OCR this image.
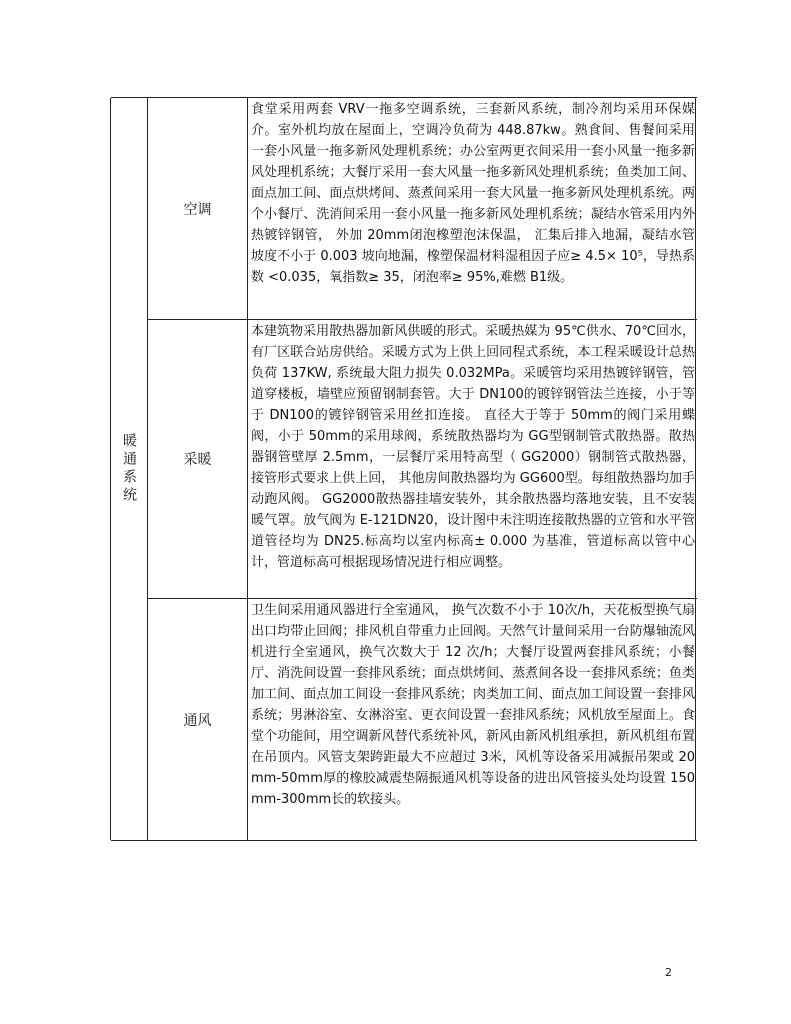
暖通系统
空调

食堂采用两套 VRV一拖多空调系统，三套新风系统，制冷剂均采用环保媒介。室外机均放在屋面上，空调冷负荷为 448.87kw。熟食间、售餐间采用一套小风量一拖多新风处理机系统；办公室两更衣间采用一套小风量一拖多新风处理机系统；大餐厅采用一套大风量一拖多新风处理机系统；鱼类加工间、面点加工间、面点烘烤间、蒸煮间采用一套大风量一拖多新风处理机系统。两个小餐厅、洗消间采用一套小风量一拖多新风处理机系统；凝结水管采用内外热镀锌钢管， 外加 20mm闭泡橡塑泡沫保温， 汇集后排入地漏，凝结水管坡度不小于 0.003 坡向地漏，橡塑保温材料湿租因子应≥ 4.5× 10⁵，导热系数 <0.035，氧指数≥ 35，闭泡率≥ 95%,难燃 B1级。

采暖

本建筑物采用散热器加新风供暖的形式。采暖热媒为 95℃供水、70℃回水，有厂区联合站房供给。采暖方式为上供上回同程式系统，本工程采暖设计总热负荷 137KW, 系统最大阻力损失 0.032MPa。采暖管均采用热镀锌钢管，管道穿楼板，墙壁应预留钢制套管。大于 DN100的镀锌钢管法兰连接，小于等于 DN100的镀锌钢管采用丝扣连接。 直径大于等于 50mm的阀门采用蝶阀，小于 50mm的采用球阀，系统散热器均为 GG型钢制管式散热器。散热器钢管壁厚 2.5mm，一层餐厅采用特高型（ GG2000）钢制管式散热器，接管形式要求上供上回， 其他房间散热器均为 GG600型。每组散热器均加手动跑风阀。 GG2000散热器挂墙安装外，其余散热器均落地安装，且不安装暖气罩。放气阀为 E-121DN20，设计图中未注明连接散热器的立管和水平管道管径均为 DN25.标高均以室内标高± 0.000 为基准，管道标高以管中心计，管道标高可根据现场情况进行相应调整。

通风

卫生间采用通风器进行全室通风， 换气次数不小于 10次/h，天花板型换气扇出口均带止回阀；排风机自带重力止回阀。天然气计量间采用一台防爆轴流风机进行全室通风，换气次数大于 12 次/h；大餐厅设置两套排风系统；小餐厅、消洗间设置一套排风系统；面点烘烤间、蒸煮间各设一套排风系统；鱼类加工间、面点加工间设一套排风系统；肉类加工间、面点加工间设置一套排风系统；男淋浴室、女淋浴室、更衣间设置一套排风系统；风机放至屋面上。食堂个功能间，用空调新风替代系统补风，新风由新风机组承担，新风机组布置在吊顶内。风管支架跨距最大不应超过 3米，风机等设备采用减振吊架或 20mm-50mm厚的橡胶减震垫隔振通风机等设备的进出风管接头处均设置 150mm-300mm长的软接头。

2
